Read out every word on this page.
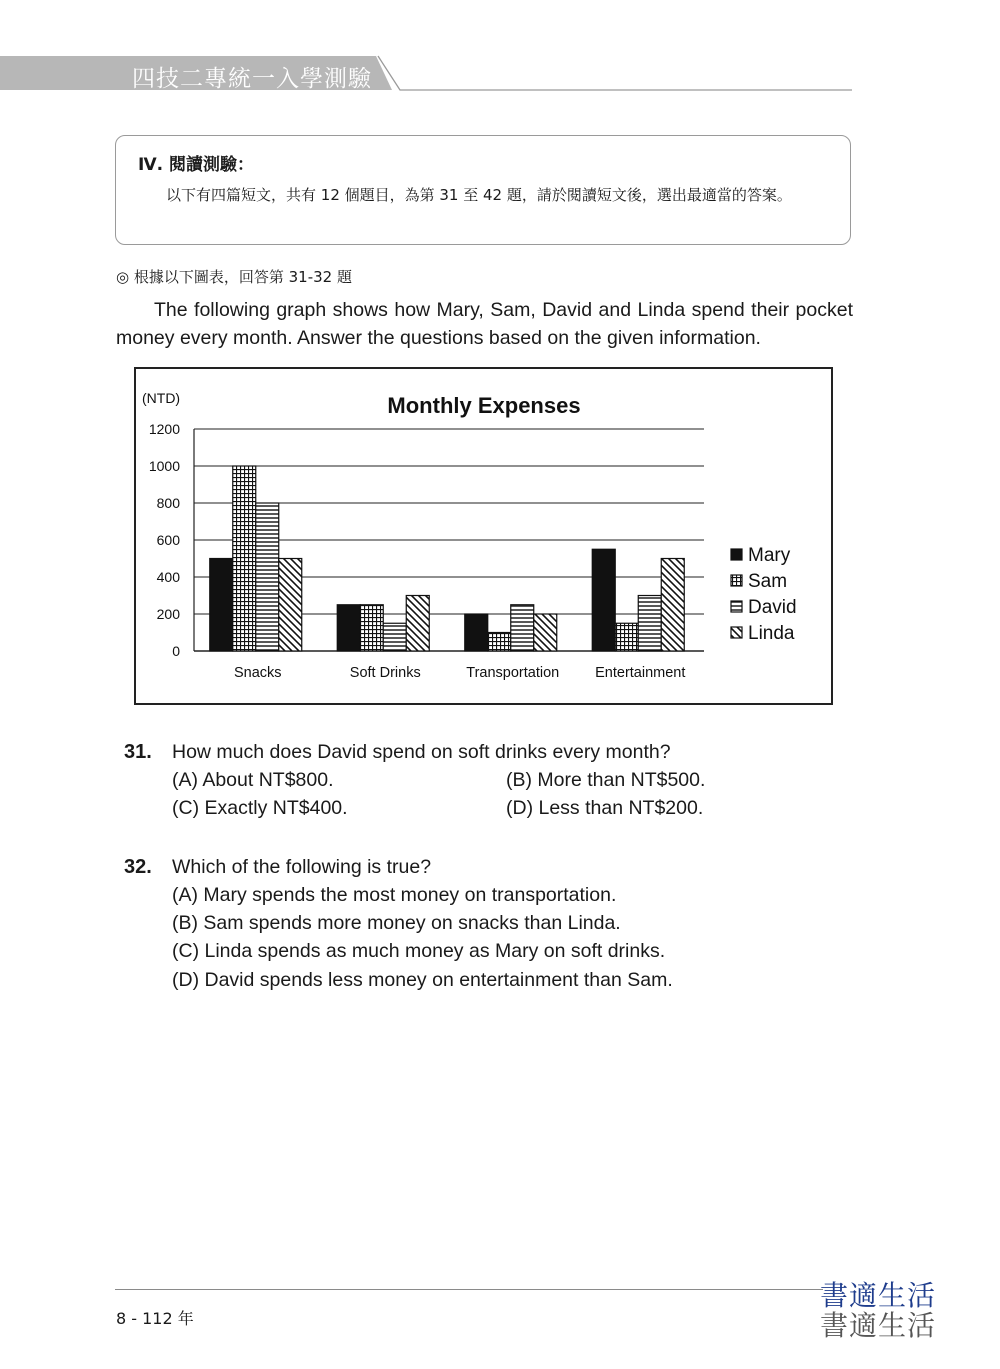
四技二專統一入學測驗
Ⅳ. 閱讀測驗：
以下有四篇短文，共有 12 個題目，為第 31 至 42 題，請於閱讀短文後，選出最適當的答案。
◎ 根據以下圖表，回答第 31-32 題
The following graph shows how Mary, Sam, David and Linda spend their pocket money every month. Answer the questions based on the given information.
0
200
400
600
800
1000
1200
Snacks	Soft Drinks	Transportation Entertainment
Mary
Sam
David
Linda
Monthly Expenses
(NTD)
31. How much does David spend on soft drinks every month?
(A) About NT$800.	(B) More than NT$500.
(C) Exactly NT$400.	(D) Less than NT$200.
32. Which of the following is true?
(A) Mary spends the most money on transportation.
(B) Sam spends more money on snacks than Linda.
(C) Linda spends as much money as Mary on soft drinks.
(D) David spends less money on entertainment than Sam.
8 - 112 年
書適生活
書適生活
